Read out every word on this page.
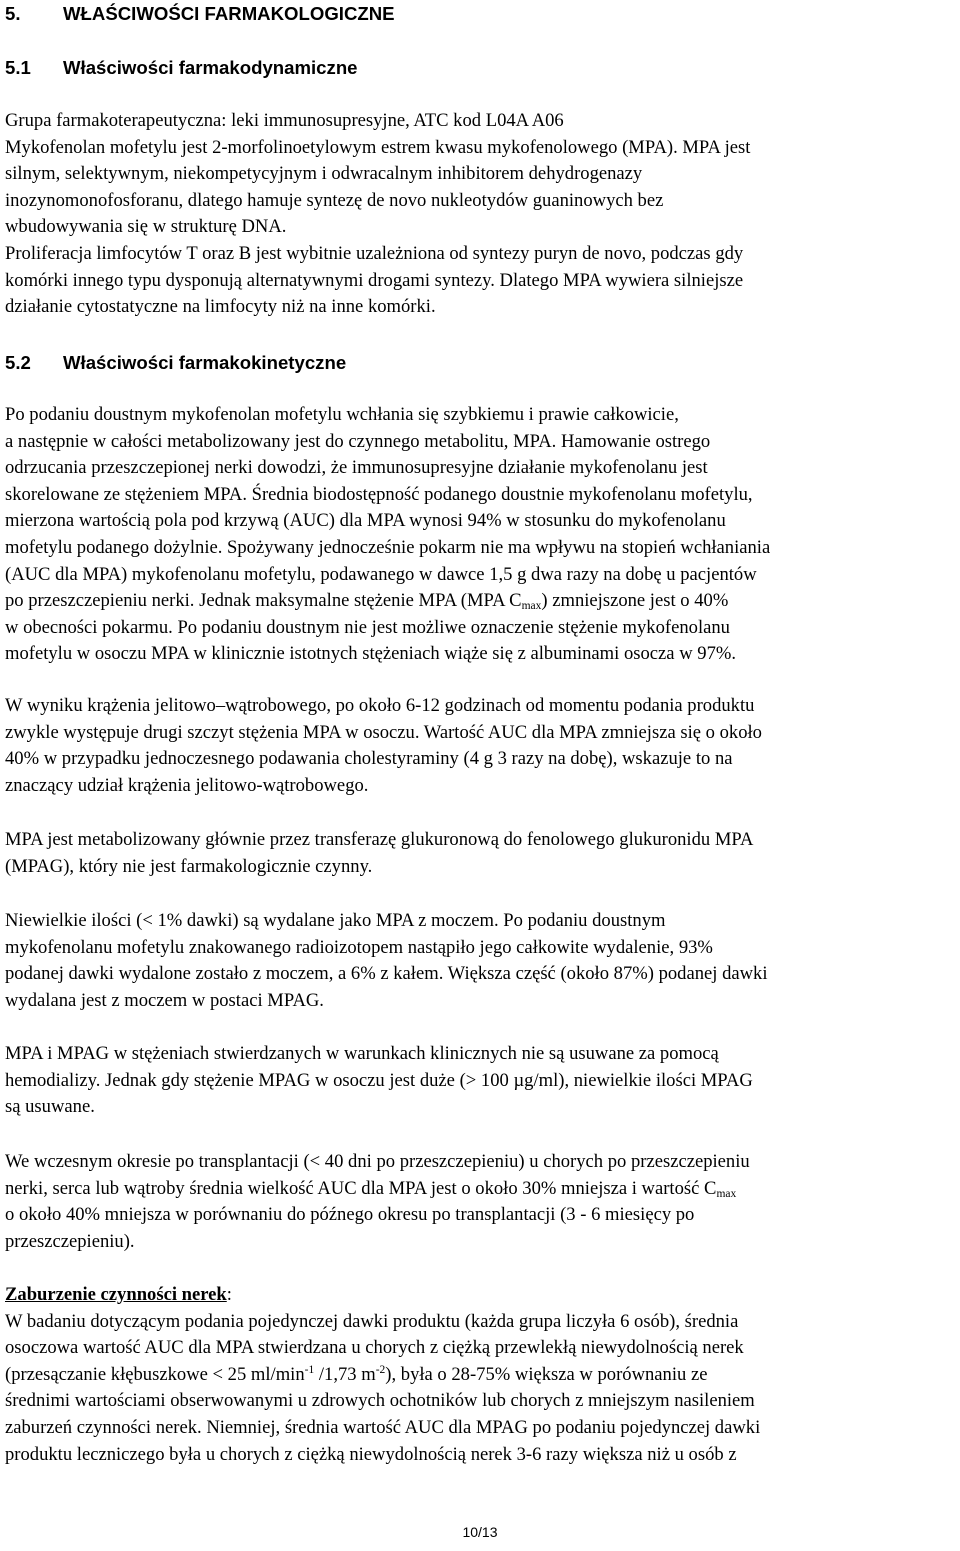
5. WŁAŚCIWOŚCI FARMAKOLOGICZNE
5.1 Właściwości farmakodynamiczne
Grupa farmakoterapeutyczna: leki immunosupresyjne, ATC kod L04A A06
Mykofenolan mofetylu jest 2-morfolinoetylowym estrem kwasu mykofenolowego (MPA). MPA jest
silnym, selektywnym, niekompetycyjnym i odwracalnym inhibitorem dehydrogenazy
inozynomonofosforanu, dlatego hamuje syntezę de novo nukleotydów guaninowych bez
wbudowywania się w strukturę DNA.
Proliferacja limfocytów T oraz B jest wybitnie uzależniona od syntezy puryn de novo, podczas gdy
komórki innego typu dysponują alternatywnymi drogami syntezy. Dlatego MPA wywiera silniejsze
działanie cytostatyczne na limfocyty niż na inne komórki.
5.2 Właściwości farmakokinetyczne
Po podaniu doustnym mykofenolan mofetylu wchłania się szybkiemu i prawie całkowicie,
a następnie w całości metabolizowany jest do czynnego metabolitu, MPA. Hamowanie ostrego
odrzucania przeszczepionej nerki dowodzi, że immunosupresyjne działanie mykofenolanu jest
skorelowane ze stężeniem MPA. Średnia biodostępność podanego doustnie mykofenolanu mofetylu,
mierzona wartością pola pod krzywą (AUC) dla MPA wynosi 94% w stosunku do mykofenolanu
mofetylu podanego dożylnie. Spożywany jednocześnie pokarm nie ma wpływu na stopień wchłaniania
(AUC dla MPA) mykofenolanu mofetylu, podawanego w dawce 1,5 g dwa razy na dobę u pacjentów
po przeszczepieniu nerki. Jednak maksymalne stężenie MPA (MPA $C_{max}$) zmniejszone jest o 40%
w obecności pokarmu. Po podaniu doustnym nie jest możliwe oznaczenie stężenie mykofenolanu
mofetylu w osoczu MPA w klinicznie istotnych stężeniach wiąże się z albuminami osocza w 97%.
W wyniku krążenia jelitowo–wątrobowego, po około 6-12 godzinach od momentu podania produktu
zwykle występuje drugi szczyt stężenia MPA w osoczu. Wartość AUC dla MPA zmniejsza się o około
40% w przypadku jednoczesnego podawania cholestyraminy (4 g 3 razy na dobę), wskazuje to na
znaczący udział krążenia jelitowo-wątrobowego.
MPA jest metabolizowany głównie przez transferazę glukuronową do fenolowego glukuronidu MPA
(MPAG), który nie jest farmakologicznie czynny.
Niewielkie ilości (< 1% dawki) są wydalane jako MPA z moczem. Po podaniu doustnym
mykofenolanu mofetylu znakowanego radioizotopem nastąpiło jego całkowite wydalenie, 93%
podanej dawki wydalone zostało z moczem, a 6% z kałem. Większa część (około 87%) podanej dawki
wydalana jest z moczem w postaci MPAG.
MPA i MPAG w stężeniach stwierdzanych w warunkach klinicznych nie są usuwane za pomocą
hemodializy. Jednak gdy stężenie MPAG w osoczu jest duże (> 100 µg/ml), niewielkie ilości MPAG
są usuwane.
We wczesnym okresie po transplantacji (< 40 dni po przeszczepieniu) u chorych po przeszczepieniu
nerki, serca lub wątroby średnia wielkość AUC dla MPA jest o około 30% mniejsza i wartość $C_{max}$
o około 40% mniejsza w porównaniu do późnego okresu po transplantacji (3 - 6 miesięcy po
przeszczepieniu).
Zaburzenie czynności nerek:
W badaniu dotyczącym podania pojedynczej dawki produktu (każda grupa liczyła 6 osób), średnia
osoczowa wartość AUC dla MPA stwierdzana u chorych z ciężką przewlekłą niewydolnością nerek
(przesączanie kłębuszkowe < 25 $ml/\min^{-1}$ /1,73 $m^{-2}$), była o 28-75% większa w porównaniu ze
średnimi wartościami obserwowanymi u zdrowych ochotników lub chorych z mniejszym nasileniem
zaburzeń czynności nerek. Niemniej, średnia wartość AUC dla MPAG po podaniu pojedynczej dawki
produktu leczniczego była u chorych z ciężką niewydolnością nerek 3-6 razy większa niż u osób z
10/13
